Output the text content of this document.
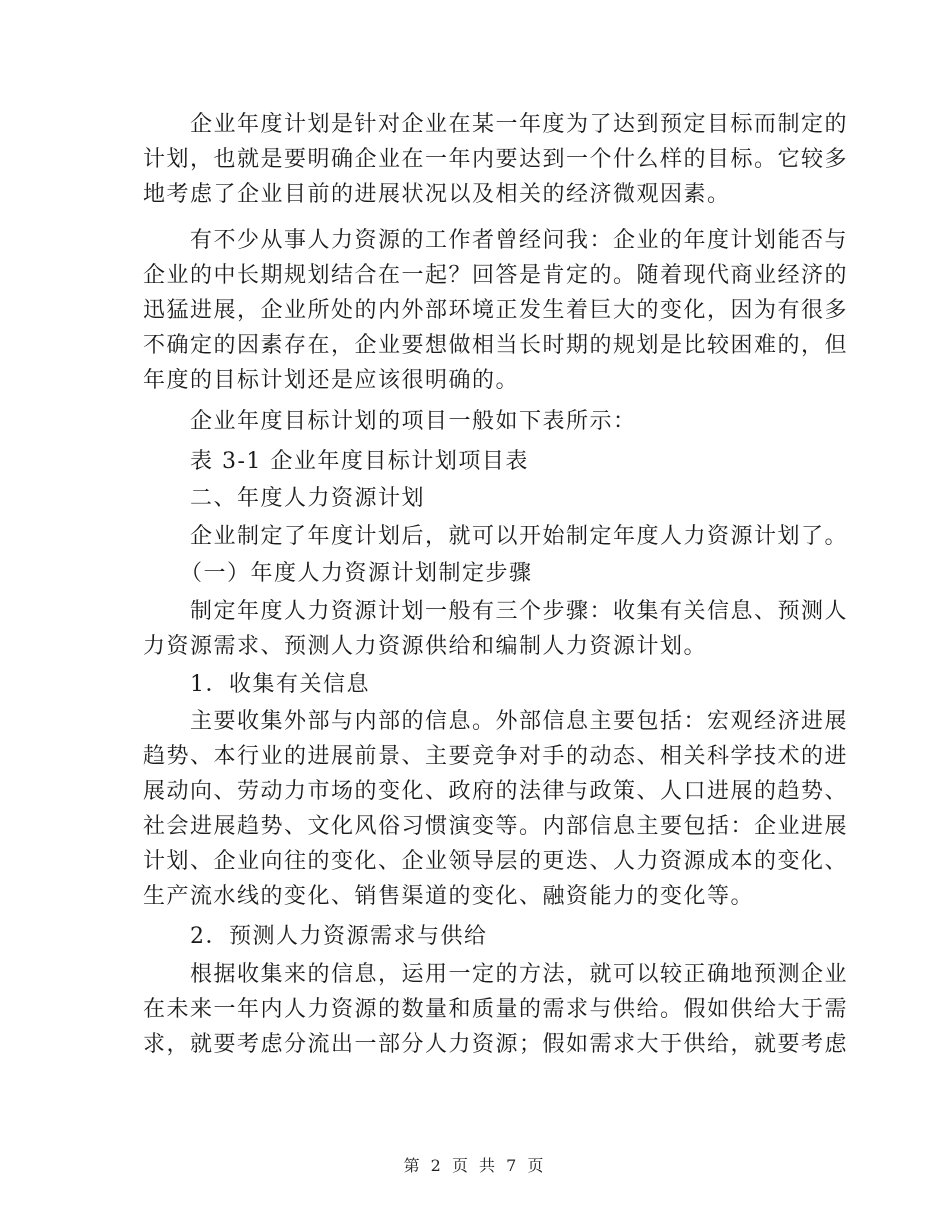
企业年度计划是针对企业在某一年度为了达到预定目标而制定的
计划，也就是要明确企业在一年内要达到一个什么样的目标。它较多
地考虑了企业目前的进展状况以及相关的经济微观因素。
有不少从事人力资源的工作者曾经问我：企业的年度计划能否与
企业的中长期规划结合在一起？回答是肯定的。随着现代商业经济的
迅猛进展，企业所处的内外部环境正发生着巨大的变化，因为有很多
不确定的因素存在，企业要想做相当长时期的规划是比较困难的，但
年度的目标计划还是应该很明确的。
企业年度目标计划的项目一般如下表所示：
表 3-1 企业年度目标计划项目表
二、年度人力资源计划
企业制定了年度计划后，就可以开始制定年度人力资源计划了。
（一）年度人力资源计划制定步骤
制定年度人力资源计划一般有三个步骤：收集有关信息、预测人
力资源需求、预测人力资源供给和编制人力资源计划。
1．收集有关信息
主要收集外部与内部的信息。外部信息主要包括：宏观经济进展
趋势、本行业的进展前景、主要竞争对手的动态、相关科学技术的进
展动向、劳动力市场的变化、政府的法律与政策、人口进展的趋势、
社会进展趋势、文化风俗习惯演变等。内部信息主要包括：企业进展
计划、企业向往的变化、企业领导层的更迭、人力资源成本的变化、
生产流水线的变化、销售渠道的变化、融资能力的变化等。
2．预测人力资源需求与供给
根据收集来的信息，运用一定的方法，就可以较正确地预测企业
在未来一年内人力资源的数量和质量的需求与供给。假如供给大于需
求，就要考虑分流出一部分人力资源；假如需求大于供给，就要考虑
第 2 页 共 7 页
